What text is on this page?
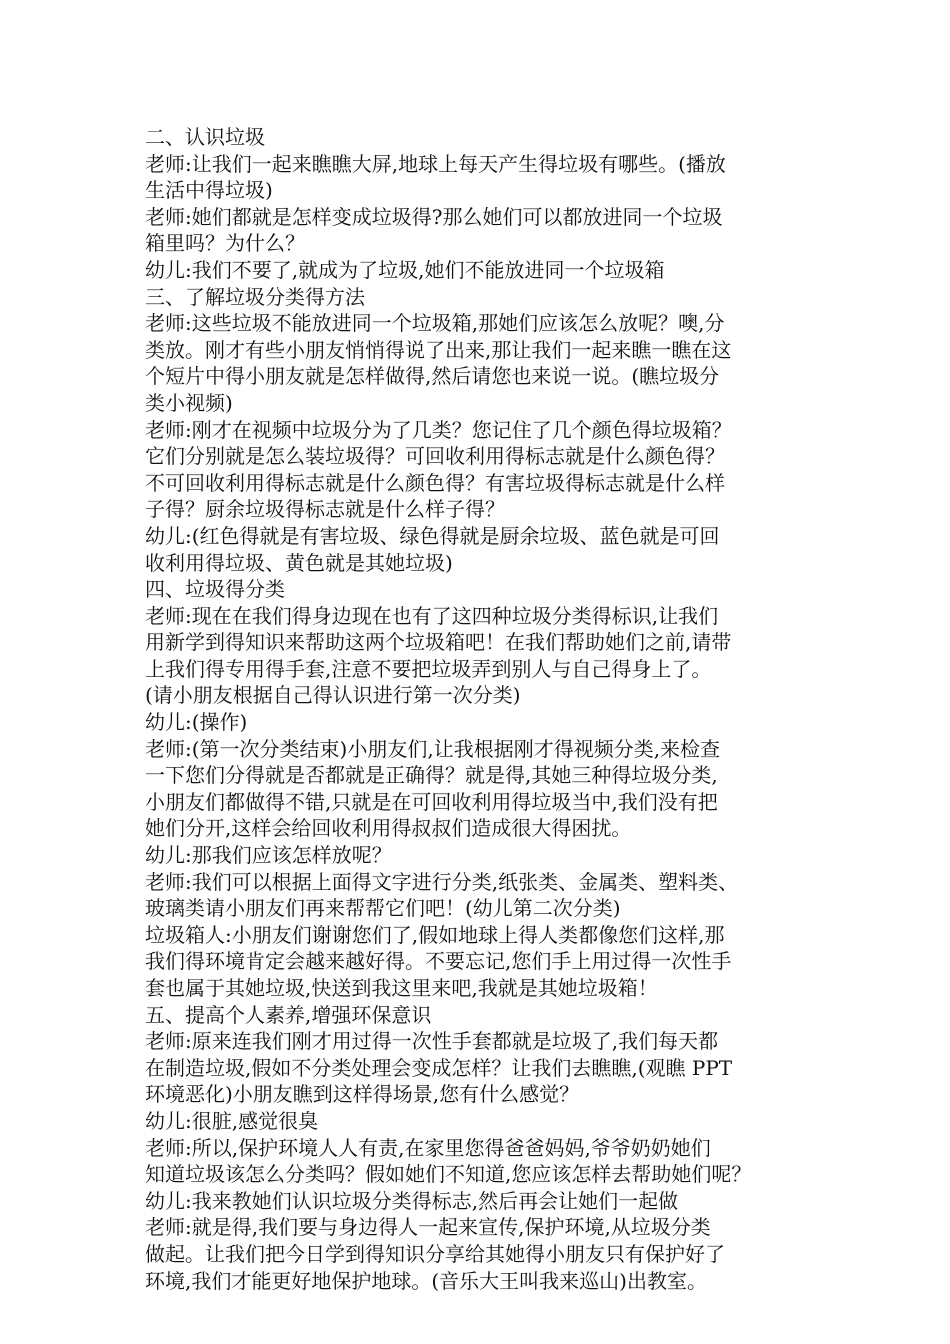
二、认识垃圾
老师:让我们一起来瞧瞧大屏,地球上每天产生得垃圾有哪些。(播放
生活中得垃圾)
老师:她们都就是怎样变成垃圾得?那么她们可以都放进同一个垃圾
箱里吗？为什么？
幼儿:我们不要了,就成为了垃圾,她们不能放进同一个垃圾箱
三、了解垃圾分类得方法
老师:这些垃圾不能放进同一个垃圾箱,那她们应该怎么放呢？噢,分
类放。刚才有些小朋友悄悄得说了出来,那让我们一起来瞧一瞧在这
个短片中得小朋友就是怎样做得,然后请您也来说一说。(瞧垃圾分
类小视频)
老师:刚才在视频中垃圾分为了几类？您记住了几个颜色得垃圾箱？
它们分别就是怎么装垃圾得？可回收利用得标志就是什么颜色得？
不可回收利用得标志就是什么颜色得？有害垃圾得标志就是什么样
子得？厨余垃圾得标志就是什么样子得？
幼儿:(红色得就是有害垃圾、绿色得就是厨余垃圾、蓝色就是可回
收利用得垃圾、黄色就是其她垃圾)
四、垃圾得分类
老师:现在在我们得身边现在也有了这四种垃圾分类得标识,让我们
用新学到得知识来帮助这两个垃圾箱吧！在我们帮助她们之前,请带
上我们得专用得手套,注意不要把垃圾弄到别人与自己得身上了。
(请小朋友根据自己得认识进行第一次分类)
幼儿:(操作)
老师:(第一次分类结束)小朋友们,让我根据刚才得视频分类,来检查
一下您们分得就是否都就是正确得？就是得,其她三种得垃圾分类,
小朋友们都做得不错,只就是在可回收利用得垃圾当中,我们没有把
她们分开,这样会给回收利用得叔叔们造成很大得困扰。
幼儿:那我们应该怎样放呢？
老师:我们可以根据上面得文字进行分类,纸张类、金属类、塑料类、
玻璃类请小朋友们再来帮帮它们吧！(幼儿第二次分类)
垃圾箱人:小朋友们谢谢您们了,假如地球上得人类都像您们这样,那
我们得环境肯定会越来越好得。不要忘记,您们手上用过得一次性手
套也属于其她垃圾,快送到我这里来吧,我就是其她垃圾箱！
五、提高个人素养,增强环保意识
老师:原来连我们刚才用过得一次性手套都就是垃圾了,我们每天都
在制造垃圾,假如不分类处理会变成怎样？让我们去瞧瞧,(观瞧 PPT
环境恶化)小朋友瞧到这样得场景,您有什么感觉？
幼儿:很脏,感觉很臭
老师:所以,保护环境人人有责,在家里您得爸爸妈妈,爷爷奶奶她们
知道垃圾该怎么分类吗？假如她们不知道,您应该怎样去帮助她们呢？
幼儿:我来教她们认识垃圾分类得标志,然后再会让她们一起做
老师:就是得,我们要与身边得人一起来宣传,保护环境,从垃圾分类
做起。让我们把今日学到得知识分享给其她得小朋友只有保护好了
环境,我们才能更好地保护地球。(音乐大王叫我来巡山)出教室。
